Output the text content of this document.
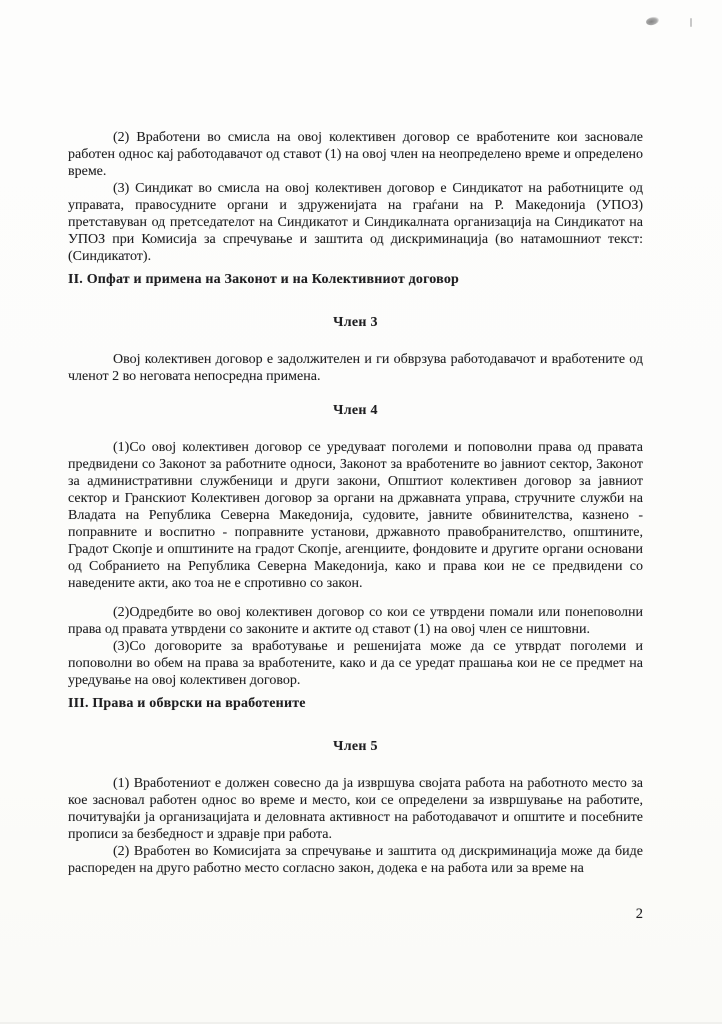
(2) Вработени во смисла на овој колективен договор се вработените кои засновале работен однос кај работодавачот од ставот (1) на овој член на неопределено време и определено време.

(3) Синдикат во смисла на овој колективен договор е Синдикатот на работниците од управата, правосудните органи и здруженијата на граѓани на Р. Македонија (УПОЗ) претставуван од претседателот на Синдикатот и Синдикалната организација на Синдикатот на УПОЗ при Комисија за спречување и заштита од дискриминација (во натамошниот текст: (Синдикатот).

II. Опфат и примена на Законот и на Колективниот договор
Член 3

Овој колективен договор е задолжителен и ги обврзува работодавачот и вработените од членот 2 во неговата непосредна примена.

Член 4

(1)Со овој колективен договор се уредуваат поголеми и поповолни права од правата предвидени со Законот за работните односи, Законот за вработените во јавниот сектор, Законот за административни службеници и други закони, Општиот колективен договор за јавниот сектор и Гранскиот Колективен договор за органи на државната управа, стручните служби на Владата на Република Северна Македонија, судовите, јавните обвинителства, казнено - поправните и воспитно - поправните установи, државното правобранителство, општините, Градот Скопје и општините на градот Скопје, агенциите, фондовите и другите органи основани од Собранието на Република Северна Македонија, како и права кои не се предвидени со наведените акти, ако тоа не е спротивно со закон.

(2)Одредбите во овој колективен договор со кои се утврдени помали или понеповолни права од правата утврдени со законите и актите од ставот (1) на овој член се ништовни.

(3)Со договорите за вработување и решенијата може да се утврдат поголеми и поповолни во обем на права за вработените, како и да се уредат прашања кои не се предмет на уредување на овој колективен договор.

III. Права и обврски на вработените
Член 5

(1) Вработениот е должен совесно да ја извршува својата работа на работното место за кое засновал работен однос во време и место, кои се определени за извршување на работите, почитувајќи ја организацијата и деловната активност на работодавачот и општите и посебните прописи за безбедност и здравје при работа.

(2) Вработен во Комисијата за спречување и заштита од дискриминација може да биде распореден на друго работно место согласно закон, додека е на работа или за време на

2
